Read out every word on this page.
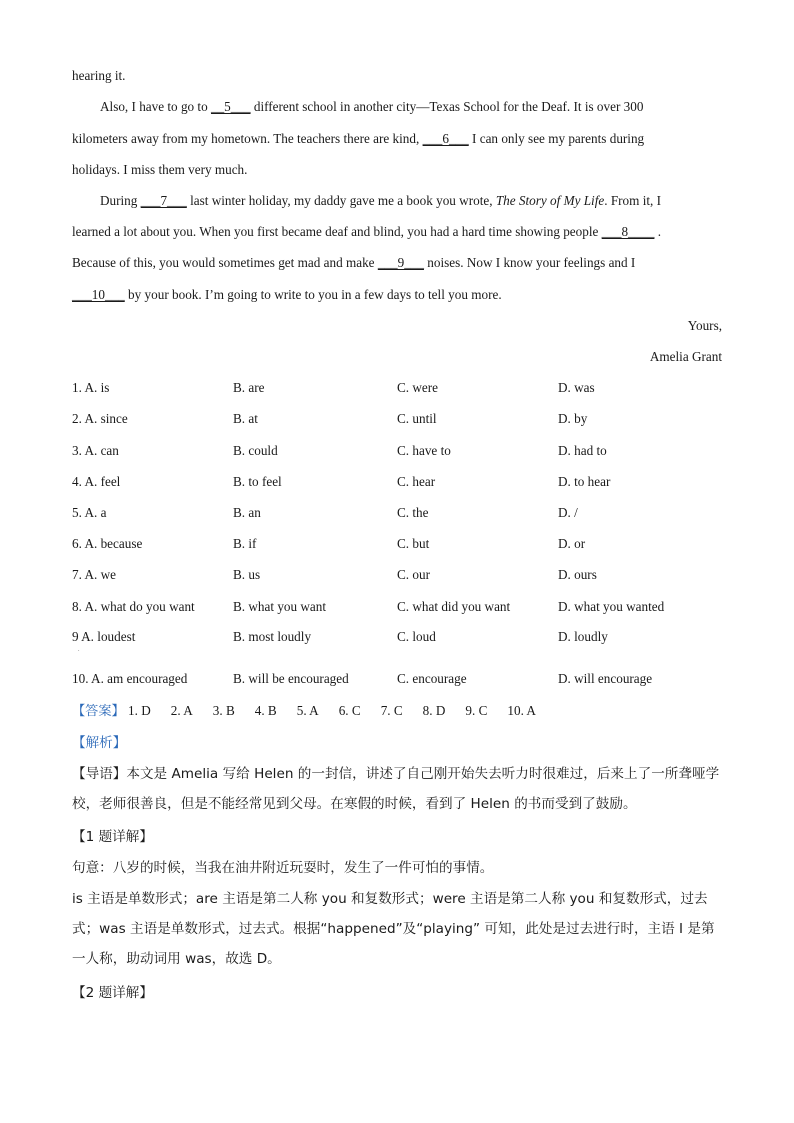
hearing it.
Also, I have to go to __5___ different school in another city—Texas School for the Deaf. It is over 300
kilometers away from my hometown. The teachers there are kind, ___6___ I can only see my parents during
holidays. I miss them very much.
During ___7___ last winter holiday, my daddy gave me a book you wrote, The Story of My Life. From it, I
learned a lot about you. When you first became deaf and blind, you had a hard time showing people ___8____ .
Because of this, you would sometimes get mad and make ___9___ noises. Now I know your feelings and I
___10___ by your book. I’m going to write to you in a few days to tell you more.
Yours,
Amelia Grant
1. A. is	B. are	C. were	D. was
2. A. since	B. at	C. until	D. by
3. A. can	B. could	C. have to	D. had to
4. A. feel	B. to feel	C. hear	D. to hear
5. A. a	B. an	C. the	D. /
6. A. because	B. if	C. but	D. or
7. A. we	B. us	C. our	D. ours
8. A. what do you want	B. what you want	C. what did you want	D. what you wanted
9 A. loudest	B. most loudly	C. loud	D. loudly
10. A. am encouraged	B. will be encouraged	C. encourage	D. will encourage
.
【答案】 1. D 2. A 3. B 4. B 5. A 6. C 7. C 8. D 9. C 10. A
【解析】
【导语】本文是 Amelia 写给 Helen 的一封信，讲述了自己刚开始失去听力时很难过，后来上了一所聋哑学校，老师很善良，但是不能经常见到父母。在寒假的时候，看到了 Helen 的书而受到了鼓励。
【1 题详解】
句意：八岁的时候，当我在油井附近玩耍时，发生了一件可怕的事情。
is 主语是单数形式；are 主语是第二人称 you 和复数形式；were 主语是第二人称 you 和复数形式，过去式；was 主语是单数形式，过去式。根据“happened”及“playing” 可知，此处是过去进行时，主语 I 是第一人称，助动词用 was，故选 D。
【2 题详解】
